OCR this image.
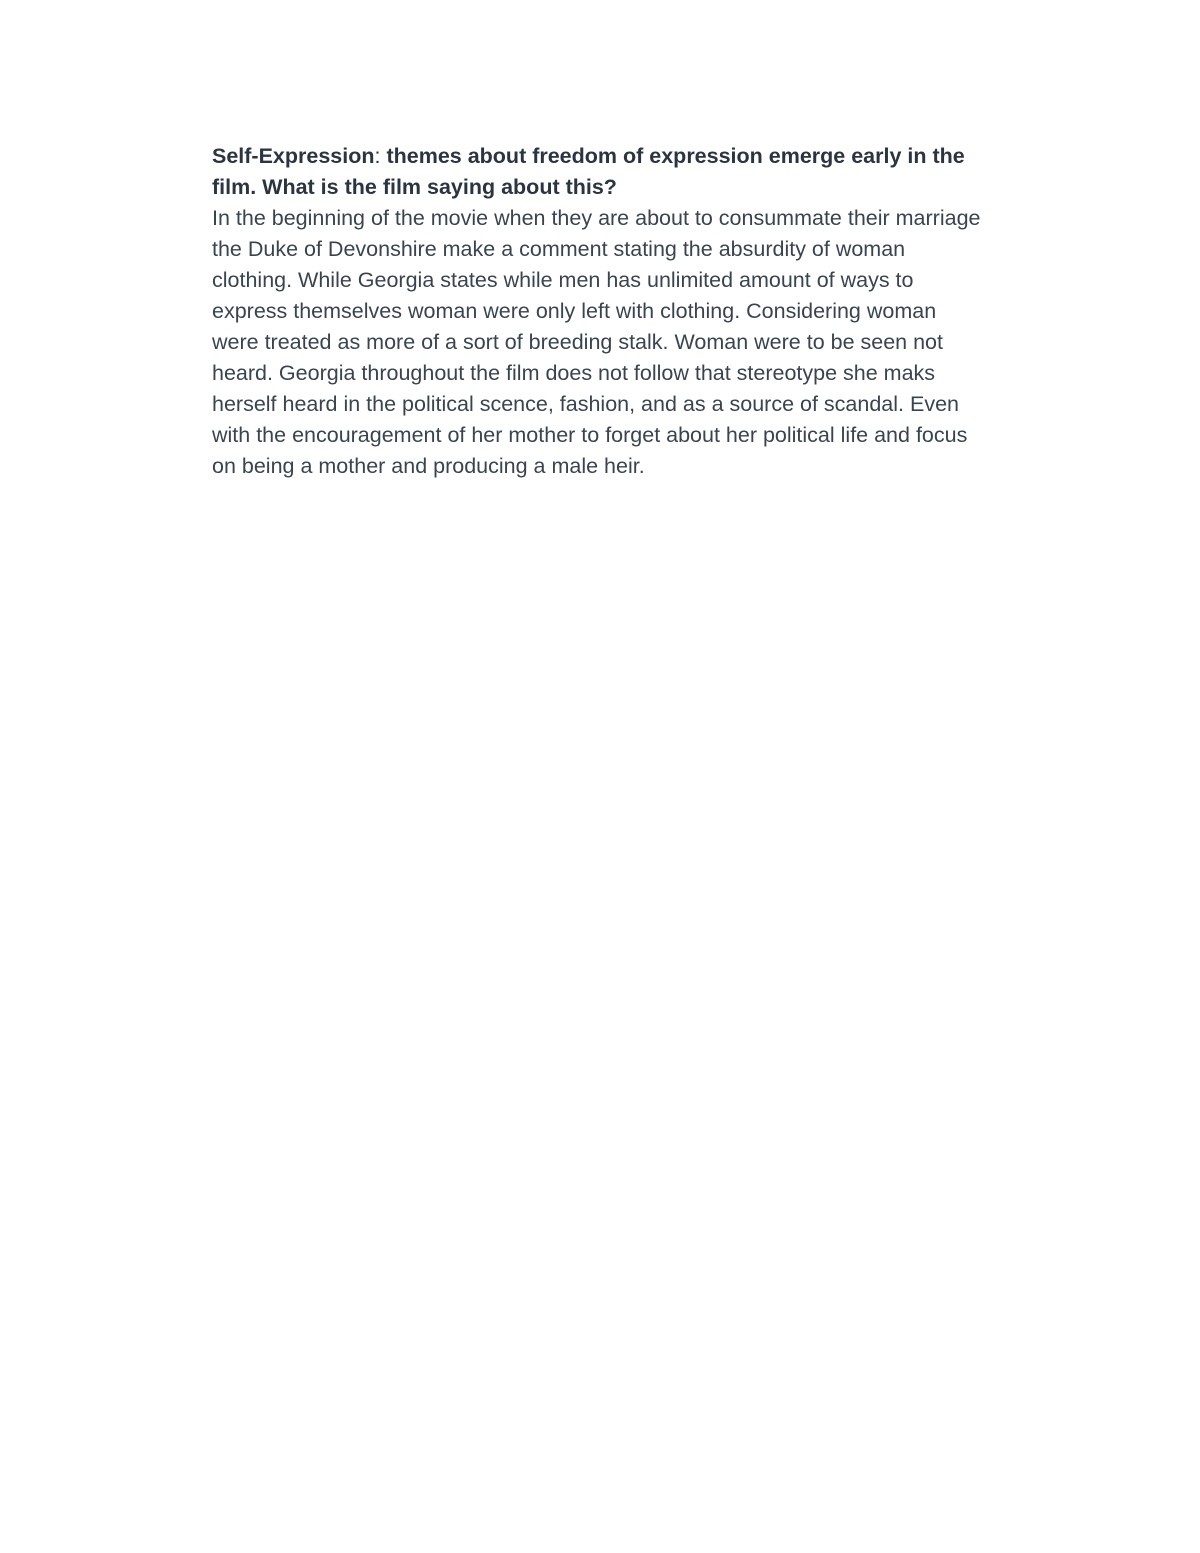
Self-Expression: themes about freedom of expression emerge early in the
film. What is the film saying about this?

In the beginning of the movie when they are about to consummate their marriage
the Duke of Devonshire make a comment stating the absurdity of woman
clothing. While Georgia states while men has unlimited amount of ways to
express themselves woman were only left with clothing. Considering woman
were treated as more of a sort of breeding stalk. Woman were to be seen not
heard. Georgia throughout the film does not follow that stereotype she maks
herself heard in the political scence, fashion, and as a source of scandal. Even
with the encouragement of her mother to forget about her political life and focus
on being a mother and producing a male heir.
